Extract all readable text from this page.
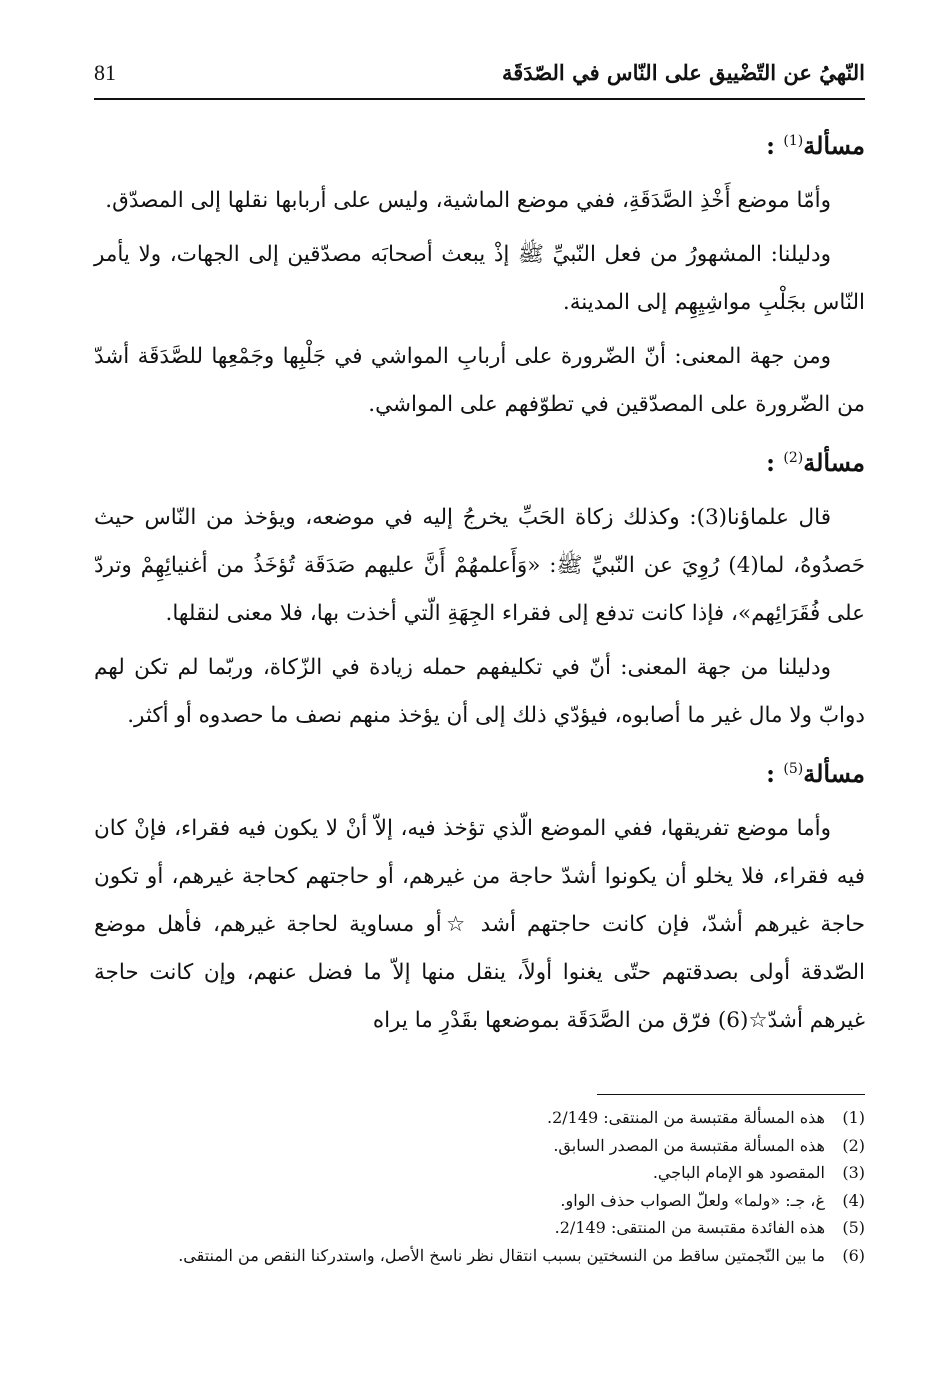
81	النّهيُ عن التّضْييق على النّاس في الصّدَقَة
مسألة$^{(1)}$ :

وأمّا موضع أَخْذِ الصَّدَقَةِ، ففي موضع الماشية، وليس على أربابها نقلها إلى المصدّق.

ودليلنا: المشهورُ من فعل النّبيِّ ﷺ إذْ يبعث أصحابَه مصدّقين إلى الجهات، ولا يأمر النّاس بجَلْبِ مواشِيِهِم إلى المدينة.

ومن جهة المعنى: أنّ الضّرورة على أربابِ المواشي في جَلْبِها وجَمْعِها للصَّدَقَة أشدّ من الضّرورة على المصدّقين في تطوّفهم على المواشي.

مسألة$^{(2)}$ :

قال علماؤنا(3): وكذلك زكاة الحَبِّ يخرجُ إليه في موضعه، ويؤخذ من النّاس حيث حَصدُوهُ، لما(4) رُوِيَ عن النّبيِّ ﷺ: «وَأَعلمهُمْ أَنَّ عليهم صَدَقَة تُؤخَذُ من أغنيائِهِمْ وتردّ على فُقَرَائِهم»، فإذا كانت تدفع إلى فقراء الجِهَةِ الّتي أخذت بها، فلا معنى لنقلها.

ودليلنا من جهة المعنى: أنّ في تكليفهم حمله زيادة في الزّكاة، وربّما لم تكن لهم دوابّ ولا مال غير ما أصابوه، فيؤدّي ذلك إلى أن يؤخذ منهم نصف ما حصدوه أو أكثر.

مسألة$^{(5)}$ :

وأما موضع تفريقها، ففي الموضع الّذي تؤخذ فيه، إلاّ أنْ لا يكون فيه فقراء، فإنْ كان فيه فقراء، فلا يخلو أن يكونوا أشدّ حاجة من غيرهم، أو حاجتهم كحاجة غيرهم، أو تكون حاجة غيرهم أشدّ، فإن كانت حاجتهم أشد ☆أو مساوية لحاجة غيرهم، فأهل موضع الصّدقة أولى بصدقتهم حتّى يغنوا أولاً، ينقل منها إلاّ ما فضل عنهم، وإن كانت حاجة غيرهم أشدّ☆(6) فرّق من الصَّدَقَة بموضعها بقَدْرِ ما يراه

(1)
هذه المسألة مقتبسة من المنتقى: 2/149.
(2)
هذه المسألة مقتبسة من المصدر السابق.
(3)
المقصود هو الإمام الباجي.
(4)
غ، جـ: «ولما» ولعلّ الصواب حذف الواو.
(5)
هذه الفائدة مقتبسة من المنتقى: 2/149.
(6)
ما بين النّجمتين ساقط من النسختين بسبب انتقال نظر ناسخ الأصل، واستدركنا النقص من المنتقى.
